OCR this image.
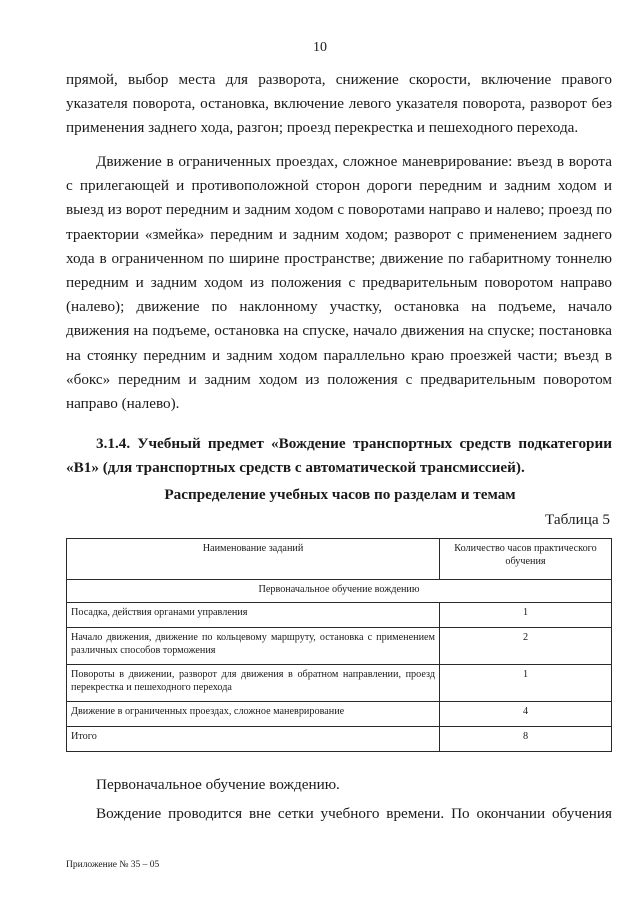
10

прямой, выбор места для разворота, снижение скорости, включение правого указателя поворота, остановка, включение левого указателя поворота, разворот без применения заднего хода, разгон; проезд перекрестка и пешеходного перехода.

Движение в ограниченных проездах, сложное маневрирование: въезд в ворота с прилегающей и противоположной сторон дороги передним и задним ходом и выезд из ворот передним и задним ходом с поворотами направо и налево; проезд по траектории «змейка» передним и задним ходом; разворот с применением заднего хода в ограниченном по ширине пространстве; движение по габаритному тоннелю передним и задним ходом из положения с предварительным поворотом направо (налево); движение по наклонному участку, остановка на подъеме, начало движения на подъеме, остановка на спуске, начало движения на спуске; постановка на стоянку передним и задним ходом параллельно краю проезжей части; въезд в «бокс» передним и задним ходом из положения с предварительным поворотом направо (налево).

3.1.4. Учебный предмет «Вождение транспортных средств подкатегории «В1» (для транспортных средств с автоматической трансмиссией).

Распределение учебных часов по разделам и темам

Таблица 5

Наименование заданий	Количество часов практического обучения
Первоначальное обучение вождению	
Посадка, действия органами управления	1
Начало движения, движение по кольцевому маршруту, остановка с применением различных способов торможения	2
Повороты в движении, разворот для движения в обратном направлении, проезд перекрестка и пешеходного перехода	1
Движение в ограниченных проездах, сложное маневрирование	4
Итого	8

Первоначальное обучение вождению.

Вождение проводится вне сетки учебного времени. По окончании обучения

Приложение № 35 – 05
